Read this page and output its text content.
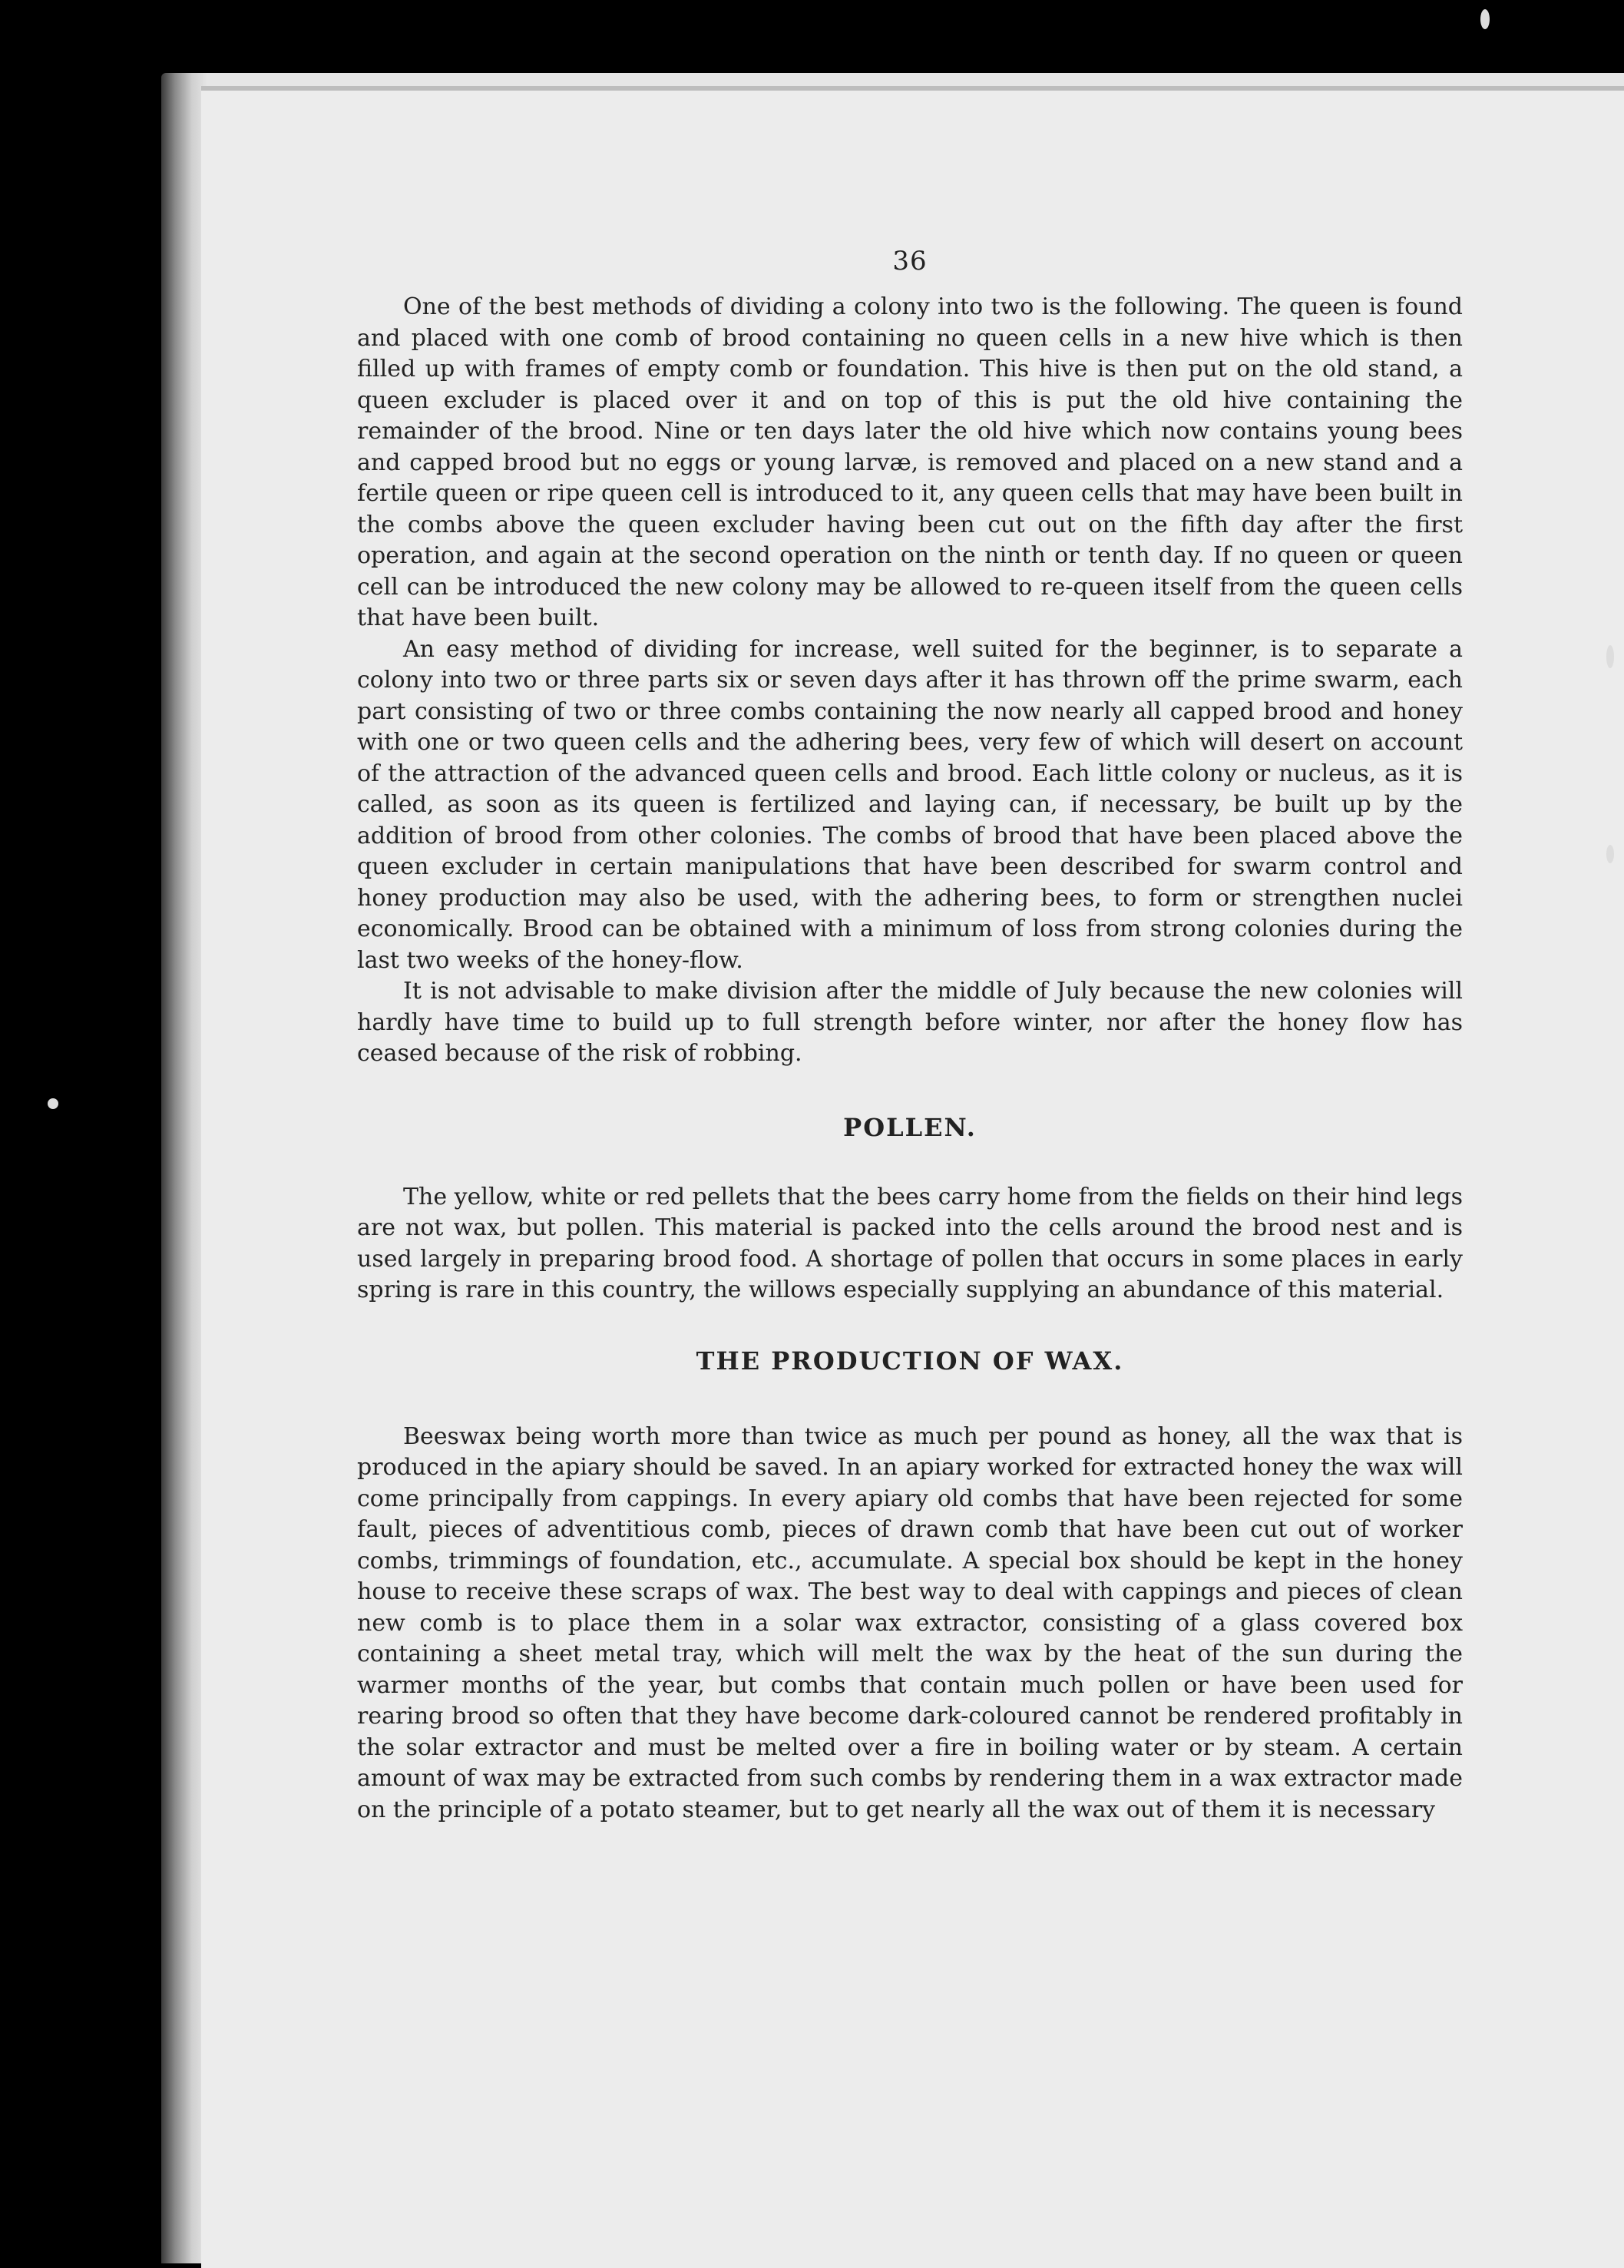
36

One of the best methods of dividing a colony into two is the following. The queen is found and placed with one comb of brood containing no queen cells in a new hive which is then filled up with frames of empty comb or foundation. This hive is then put on the old stand, a queen excluder is placed over it and on top of this is put the old hive containing the remainder of the brood. Nine or ten days later the old hive which now contains young bees and capped brood but no eggs or young larvæ, is removed and placed on a new stand and a fertile queen or ripe queen cell is introduced to it, any queen cells that may have been built in the combs above the queen excluder having been cut out on the fifth day after the first operation, and again at the second operation on the ninth or tenth day. If no queen or queen cell can be introduced the new colony may be allowed to re-queen itself from the queen cells that have been built.

An easy method of dividing for increase, well suited for the beginner, is to separate a colony into two or three parts six or seven days after it has thrown off the prime swarm, each part consisting of two or three combs containing the now nearly all capped brood and honey with one or two queen cells and the adhering bees, very few of which will desert on account of the attraction of the advanced queen cells and brood. Each little colony or nucleus, as it is called, as soon as its queen is fertilized and laying can, if necessary, be built up by the addition of brood from other colonies. The combs of brood that have been placed above the queen excluder in certain manipulations that have been described for swarm control and honey production may also be used, with the adhering bees, to form or strengthen nuclei economically. Brood can be obtained with a minimum of loss from strong colonies during the last two weeks of the honey-flow.

It is not advisable to make division after the middle of July because the new colonies will hardly have time to build up to full strength before winter, nor after the honey flow has ceased because of the risk of robbing.

POLLEN.

The yellow, white or red pellets that the bees carry home from the fields on their hind legs are not wax, but pollen. This material is packed into the cells around the brood nest and is used largely in preparing brood food. A shortage of pollen that occurs in some places in early spring is rare in this country, the willows especially supplying an abundance of this material.

THE PRODUCTION OF WAX.

Beeswax being worth more than twice as much per pound as honey, all the wax that is produced in the apiary should be saved. In an apiary worked for extracted honey the wax will come principally from cappings. In every apiary old combs that have been rejected for some fault, pieces of adventitious comb, pieces of drawn comb that have been cut out of worker combs, trimmings of foundation, etc., accumulate. A special box should be kept in the honey house to receive these scraps of wax. The best way to deal with cappings and pieces of clean new comb is to place them in a solar wax extractor, consisting of a glass covered box containing a sheet metal tray, which will melt the wax by the heat of the sun during the warmer months of the year, but combs that contain much pollen or have been used for rearing brood so often that they have become dark-coloured cannot be rendered profitably in the solar extractor and must be melted over a fire in boiling water or by steam. A certain amount of wax may be extracted from such combs by rendering them in a wax extractor made on the principle of a potato steamer, but to get nearly all the wax out of them it is necessary
